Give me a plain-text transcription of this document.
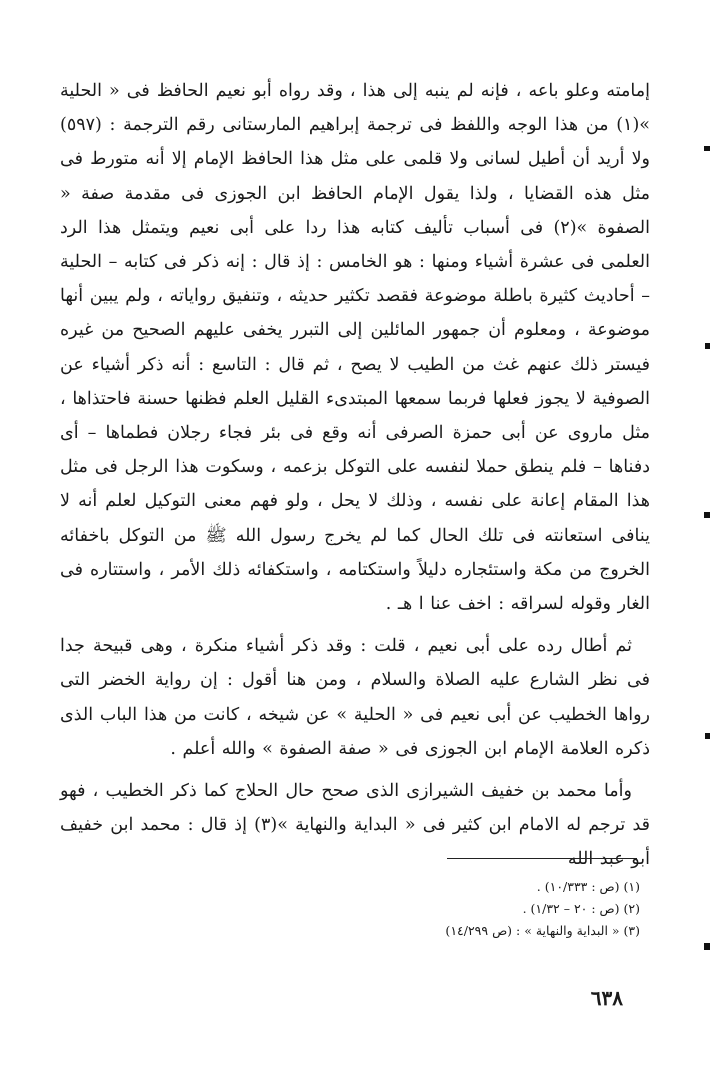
إمامته وعلو باعه ، فإنه لم ينبه إلى هذا ، وقد رواه أبو نعيم الحافظ فى « الحلية »(١) من هذا الوجه واللفظ فى ترجمة إبراهيم المارستانى رقم الترجمة : (٥٩٧) ولا أريد أن أطيل لسانى ولا قلمى على مثل هذا الحافظ الإمام إلا أنه متورط فى مثل هذه القضايا ، ولذا يقول الإمام الحافظ ابن الجوزى فى مقدمة صفة « الصفوة »(٢) فى أسباب تأليف كتابه هذا ردا على أبى نعيم ويتمثل هذا الرد العلمى فى عشرة أشياء ومنها : هو الخامس : إذ قال : إنه ذكر فى كتابه – الحلية – أحاديث كثيرة باطلة موضوعة فقصد تكثير حديثه ، وتنفيق رواياته ، ولم يبين أنها موضوعة ، ومعلوم أن جمهور المائلين إلى التبرر يخفى عليهم الصحيح من غيره فيستر ذلك عنهم غث من الطيب لا يصح ، ثم قال : التاسع : أنه ذكر أشياء عن الصوفية لا يجوز فعلها فربما سمعها المبتدىء القليل العلم فظنها حسنة فاحتذاها ، مثل ماروى عن أبى حمزة الصرفى أنه وقع فى بئر فجاء رجلان فطماها – أى دفناها – فلم ينطق حملا لنفسه على التوكل بزعمه ، وسكوت هذا الرجل فى مثل هذا المقام إعانة على نفسه ، وذلك لا يحل ، ولو فهم معنى التوكيل لعلم أنه لا ينافى استعانته فى تلك الحال كما لم يخرج رسول الله ﷺ من التوكل باخفائه الخروج من مكة واستئجاره دليلاً واستكتامه ، واستكفائه ذلك الأمر ، واستتاره فى الغار وقوله لسراقه : اخف عنا ا هـ .

ثم أطال رده على أبى نعيم ، قلت : وقد ذكر أشياء منكرة ، وهى قبيحة جدا فى نظر الشارع عليه الصلاة والسلام ، ومن هنا أقول : إن رواية الخضر التى رواها الخطيب عن أبى نعيم فى « الحلية » عن شيخه ، كانت من هذا الباب الذى ذكره العلامة الإمام ابن الجوزى فى « صفة الصفوة » والله أعلم .

وأما محمد بن خفيف الشيرازى الذى صحح حال الحلاج كما ذكر الخطيب ، فهو قد ترجم له الامام ابن كثير فى « البداية والنهاية »(٣) إذ قال : محمد ابن خفيف أبو عبد الله

(١) (ص : ١٠/٣٣٣) .

(٢) (ص : ٢٠ – ١/٣٢) .

(٣) « البداية والنهاية » : (ص ١٤/٢٩٩)

٦٣٨
